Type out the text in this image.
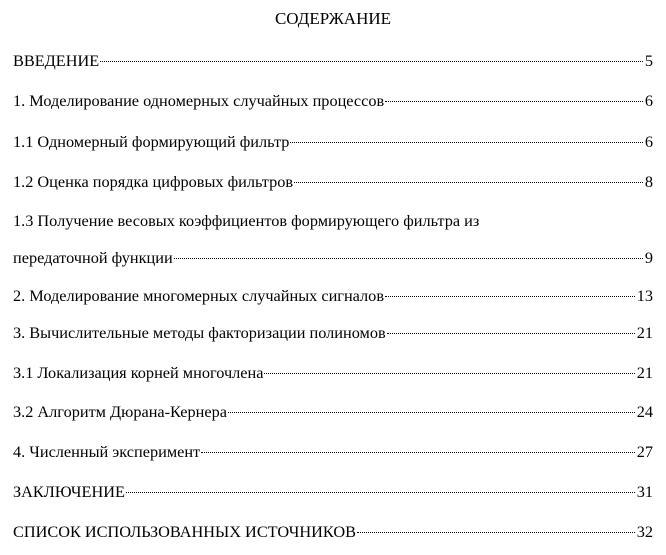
СОДЕРЖАНИЕ
ВВЕДЕНИЕ	5
1. Моделирование одномерных случайных процессов	6
1.1 Одномерный формирующий фильтр	6
1.2 Оценка порядка цифровых фильтров	8
1.3 Получение весовых коэффициентов формирующего фильтра из
передаточной функции	9
2. Моделирование многомерных случайных сигналов	13
3. Вычислительные методы факторизации полиномов	21
3.1 Локализация корней многочлена	21
3.2 Алгоритм Дюрана-Кернера	24
4. Численный эксперимент	27
ЗАКЛЮЧЕНИЕ	31
СПИСОК ИСПОЛЬЗОВАННЫХ ИСТОЧНИКОВ	32
